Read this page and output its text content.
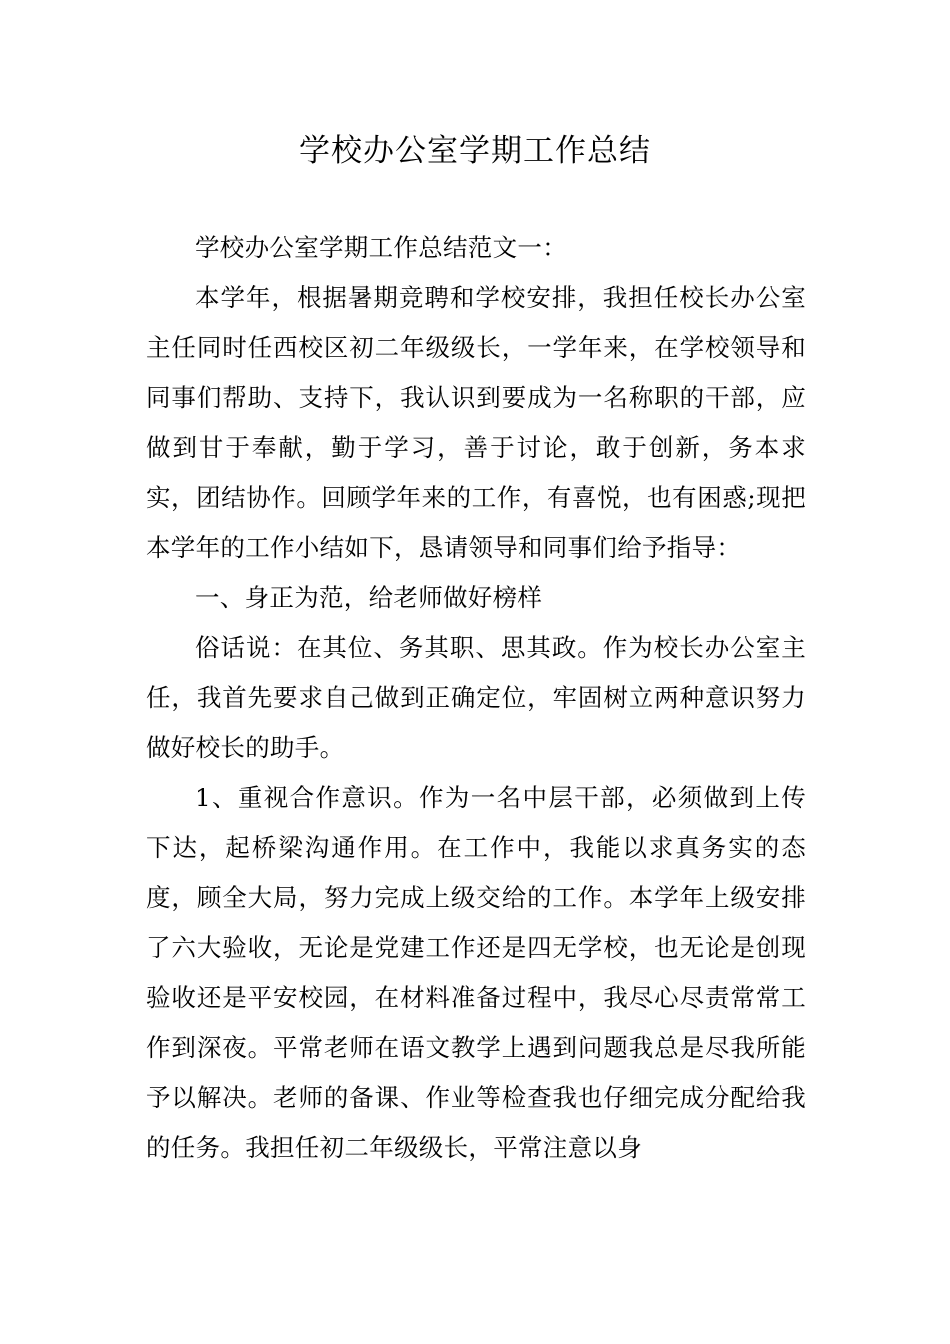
学校办公室学期工作总结

学校办公室学期工作总结范文一：

本学年，根据暑期竞聘和学校安排，我担任校长办公室主任同时任西校区初二年级级长，一学年来，在学校领导和同事们帮助、支持下，我认识到要成为一名称职的干部，应做到甘于奉献，勤于学习，善于讨论，敢于创新，务本求实，团结协作。回顾学年来的工作，有喜悦，也有困惑;现把本学年的工作小结如下，恳请领导和同事们给予指导：

一、身正为范，给老师做好榜样

俗话说：在其位、务其职、思其政。作为校长办公室主任，我首先要求自己做到正确定位，牢固树立两种意识努力做好校长的助手。

1、重视合作意识。作为一名中层干部，必须做到上传下达，起桥梁沟通作用。在工作中，我能以求真务实的态度，顾全大局，努力完成上级交给的工作。本学年上级安排了六大验收，无论是党建工作还是四无学校，也无论是创现验收还是平安校园，在材料准备过程中，我尽心尽责常常工作到深夜。平常老师在语文教学上遇到问题我总是尽我所能予以解决。老师的备课、作业等检查我也仔细完成分配给我的任务。我担任初二年级级长，平常注意以身
